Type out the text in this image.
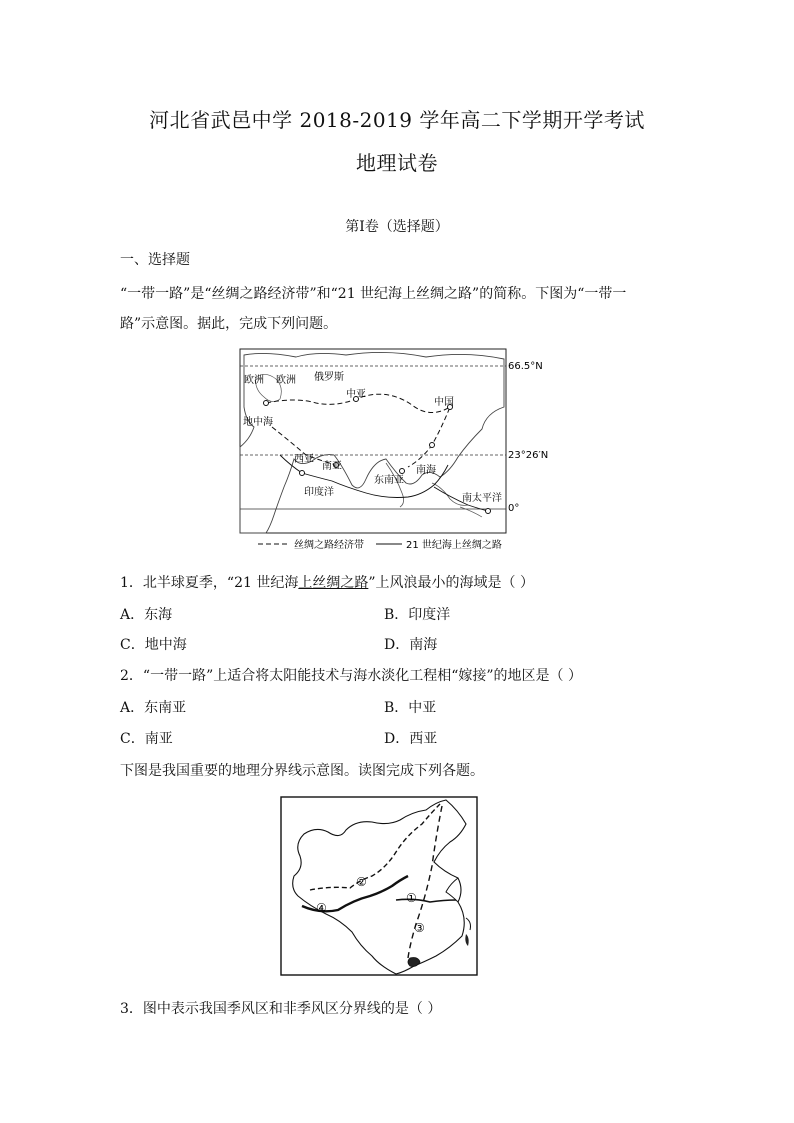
河北省武邑中学 2018-2019 学年高二下学期开学考试
地理试卷
第Ⅰ卷（选择题）
一、选择题
“一带一路”是“丝绸之路经济带”和“21 世纪海上丝绸之路”的简称。下图为“一带一
路”示意图。据此，完成下列问题。
欧洲 欧洲 俄罗斯
中亚
中国
地中海
西亚
南亚
东南亚
南海
印度洋
南太平洋
66.5°N
23°26′N
0°
丝绸之路经济带	21 世纪海上丝绸之路
1．北半球夏季，“21 世纪海上丝绸之路”上风浪最小的海域是（ ）
A．东海	B．印度洋
C．地中海	D．南海
2．“一带一路”上适合将太阳能技术与海水淡化工程相“嫁接”的地区是（ ）
A．东南亚	B．中亚
C．南亚	D．西亚
下图是我国重要的地理分界线示意图。读图完成下列各题。
①
②
③
④
3．图中表示我国季风区和非季风区分界线的是（ ）
